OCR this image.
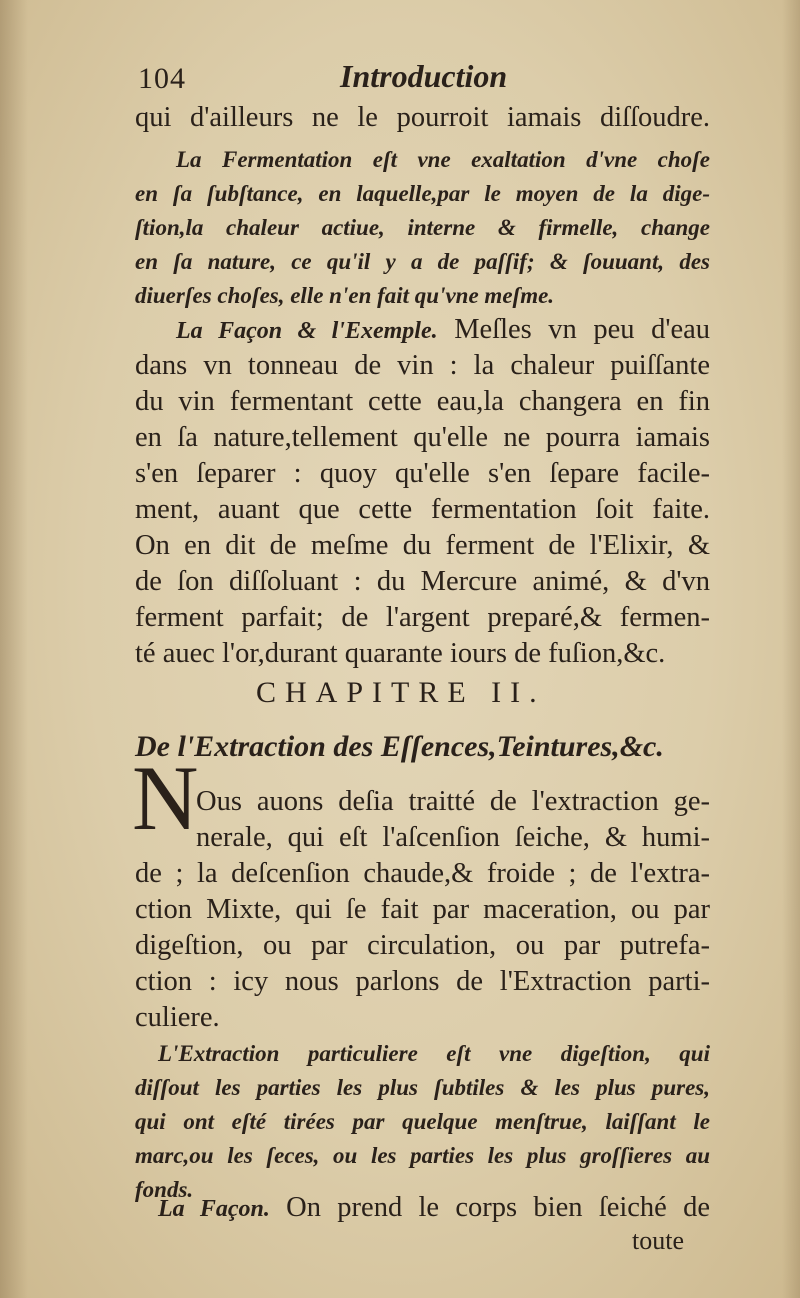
104	Introduction
qui d'ailleurs ne le pourroit iamais diſſoudre.
La Fermentation eſt vne exaltation d'vne choſe
en ſa ſubſtance, en laquelle,par le moyen de la dige-
ſtion,la chaleur actiue, interne & firmelle, change
en ſa nature, ce qu'il y a de paſſif; & ſouuant, des
diuerſes choſes, elle n'en fait qu'vne meſme.
La Façon & l'Exemple. Meſles vn peu d'eau
dans vn tonneau de vin : la chaleur puiſſante
du vin fermentant cette eau,la changera en fin
en ſa nature,tellement qu'elle ne pourra iamais
s'en ſeparer : quoy qu'elle s'en ſepare facile-
ment, auant que cette fermentation ſoit faite.
On en dit de meſme du ferment de l'Elixir, &
de ſon diſſoluant : du Mercure animé, & d'vn
ferment parfait; de l'argent preparé,& fermen-
té auec l'or,durant quarante iours de fuſion,&c.
CHAPITRE II.
De l'Extraction des Eſſences,Teintures,&c.
N
Ous auons deſia traitté de l'extraction ge-
nerale, qui eſt l'aſcenſion ſeiche, & humi-
de ; la deſcenſion chaude,& froide ; de l'extra-
ction Mixte, qui ſe fait par maceration, ou par
digeſtion, ou par circulation, ou par putrefa-
ction : icy nous parlons de l'Extraction parti-
culiere.
L'Extraction particuliere eſt vne digeſtion, qui
diſſout les parties les plus ſubtiles & les plus pures,
qui ont eſté tirées par quelque menſtrue, laiſſant le
marc,ou les ſeces, ou les parties les plus groſſieres au
fonds.
La Façon. On prend le corps bien ſeiché de
toute
